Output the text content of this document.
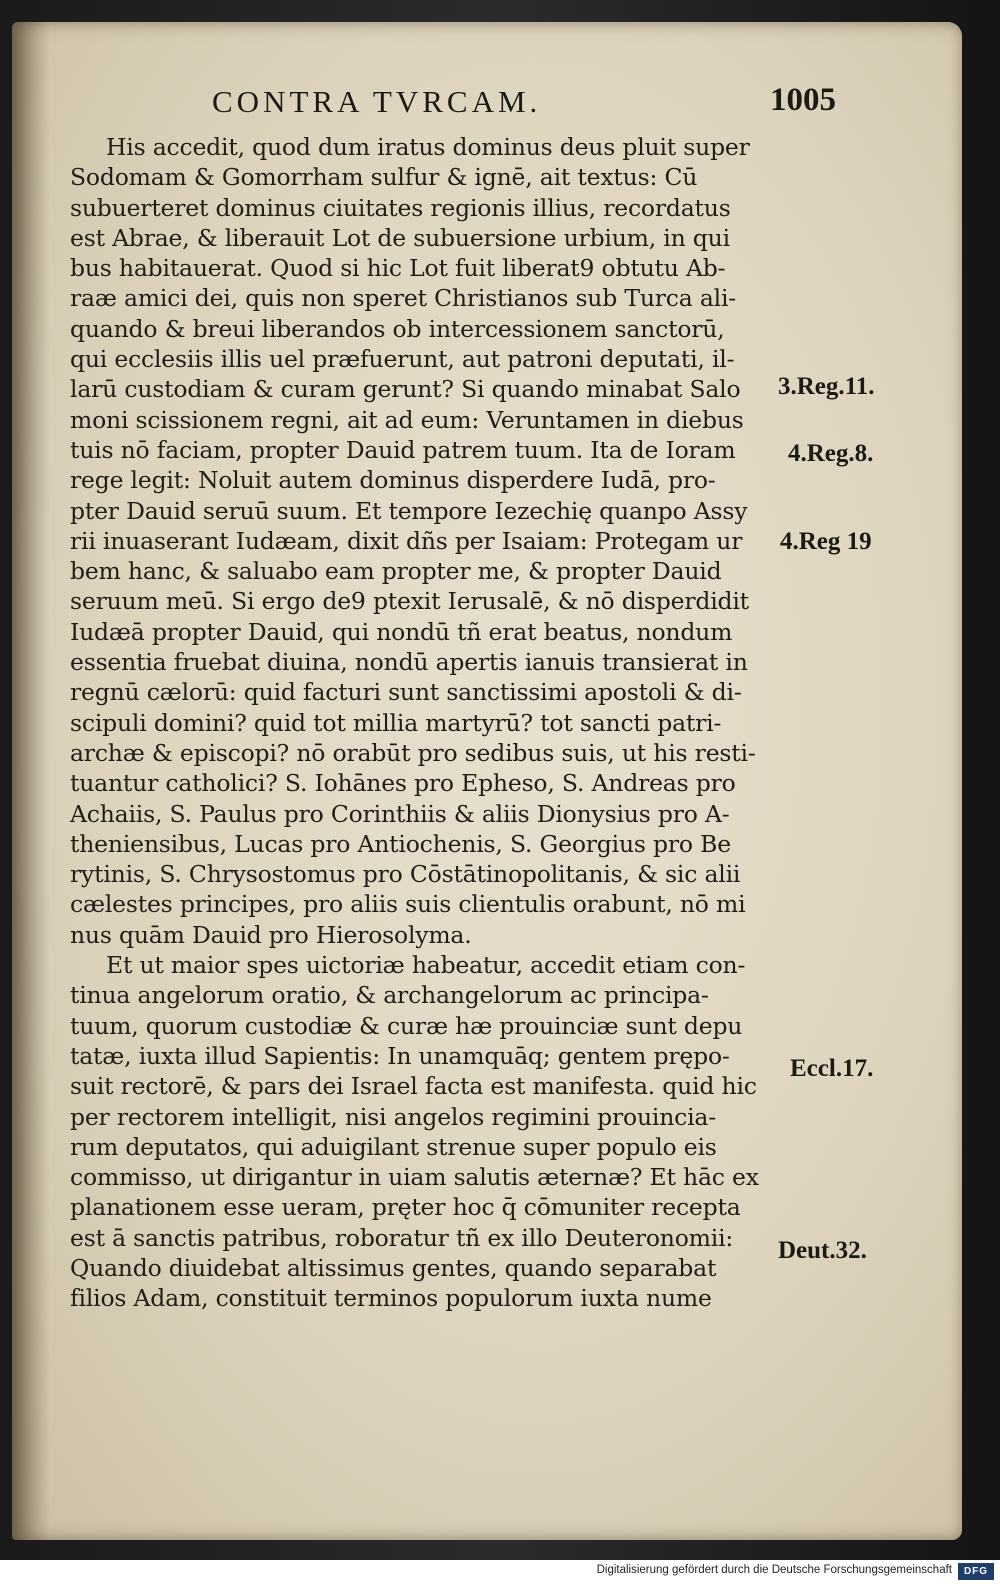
CONTRA TVRCAM.	1005
His accedit, quod dum iratus dominus deus pluit super
Sodomam & Gomorrham sulfur & ignē, ait textus: Cū
subuerteret dominus ciuitates regionis illius, recordatus
est Abrae, & liberauit Lot de subuersione urbium, in qui
bus habitauerat. Quod si hic Lot fuit liberat9 obtutu Ab-
raæ amici dei, quis non speret Christianos sub Turca ali-
quando & breui liberandos ob intercessionem sanctorū,
qui ecclesiis illis uel præfuerunt, aut patroni deputati, il-
larū custodiam & curam gerunt? Si quando minabat Salo
moni scissionem regni, ait ad eum: Veruntamen in diebus
tuis nō faciam, propter Dauid patrem tuum. Ita de Ioram
rege legit: Noluit autem dominus disperdere Iudā, pro-
pter Dauid seruū suum. Et tempore Iezechię quanpo Assy
rii inuaserant Iudæam, dixit dñs per Isaiam: Protegam ur
bem hanc, & saluabo eam propter me, & propter Dauid
seruum meū. Si ergo de9 ptexit Ierusalē, & nō disperdidit
Iudæā propter Dauid, qui nondū tñ erat beatus, nondum
essentia fruebat diuina, nondū apertis ianuis transierat in
regnū cælorū: quid facturi sunt sanctissimi apostoli & di-
scipuli domini? quid tot millia martyrū? tot sancti patri-
archæ & episcopi? nō orabūt pro sedibus suis, ut his resti-
tuantur catholici? S. Iohānes pro Epheso, S. Andreas pro
Achaiis, S. Paulus pro Corinthiis & aliis Dionysius pro A-
theniensibus, Lucas pro Antiochenis, S. Georgius pro Be
rytinis, S. Chrysostomus pro Cōstātinopolitanis, & sic alii
cælestes principes, pro aliis suis clientulis orabunt, nō mi
nus quām Dauid pro Hierosolyma.
Et ut maior spes uictoriæ habeatur, accedit etiam con-
tinua angelorum oratio, & archangelorum ac principa-
tuum, quorum custodiæ & curæ hæ prouinciæ sunt depu
tatæ, iuxta illud Sapientis: In unamquāq; gentem prępo-
suit rectorē, & pars dei Israel facta est manifesta. quid hic
per rectorem intelligit, nisi angelos regimini prouincia-
rum deputatos, qui aduigilant strenue super populo eis
commisso, ut dirigantur in uiam salutis æternæ? Et hāc ex
planationem esse ueram, pręter hoc q̄ cōmuniter recepta
est ā sanctis patribus, roboratur tñ ex illo Deuteronomii:
Quando diuidebat altissimus gentes, quando separabat
filios Adam, constituit terminos populorum iuxta nume
3.Reg.11.
4.Reg.8.
4.Reg 19
Eccl.17.
Deut.32.
Digitalisierung gefördert durch die Deutsche Forschungsgemeinschaft	DFG
